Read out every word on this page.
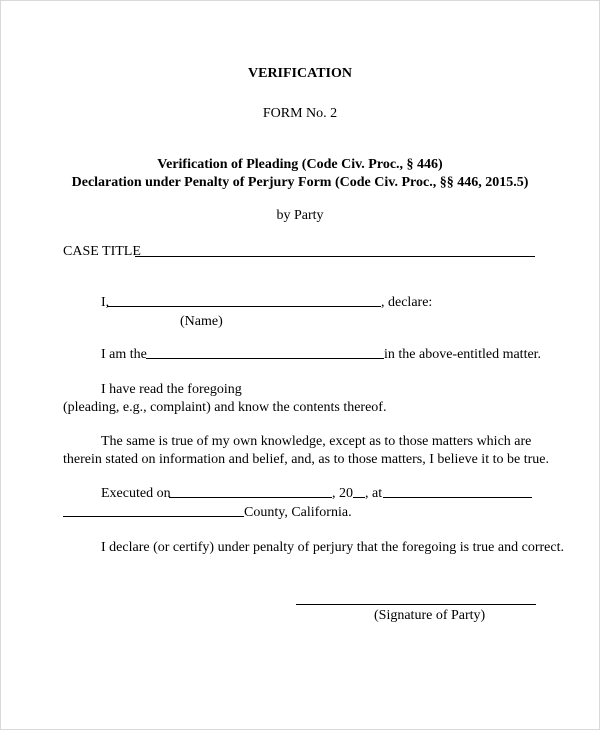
VERIFICATION
FORM No. 2
Verification of Pleading (Code Civ. Proc., § 446)
Declaration under Penalty of Perjury Form (Code Civ. Proc., §§ 446, 2015.5)
by Party
CASE TITLE
I,	, declare:
(Name)
I am the	in the above-entitled matter.
I have read the foregoing
(pleading, e.g., complaint) and know the contents thereof.
The same is true of my own knowledge, except as to those matters which are
therein stated on information and belief, and, as to those matters, I believe it to be true.
Executed on	, 20 , at
County, California.
I declare (or certify) under penalty of perjury that the foregoing is true and correct.
(Signature of Party)
